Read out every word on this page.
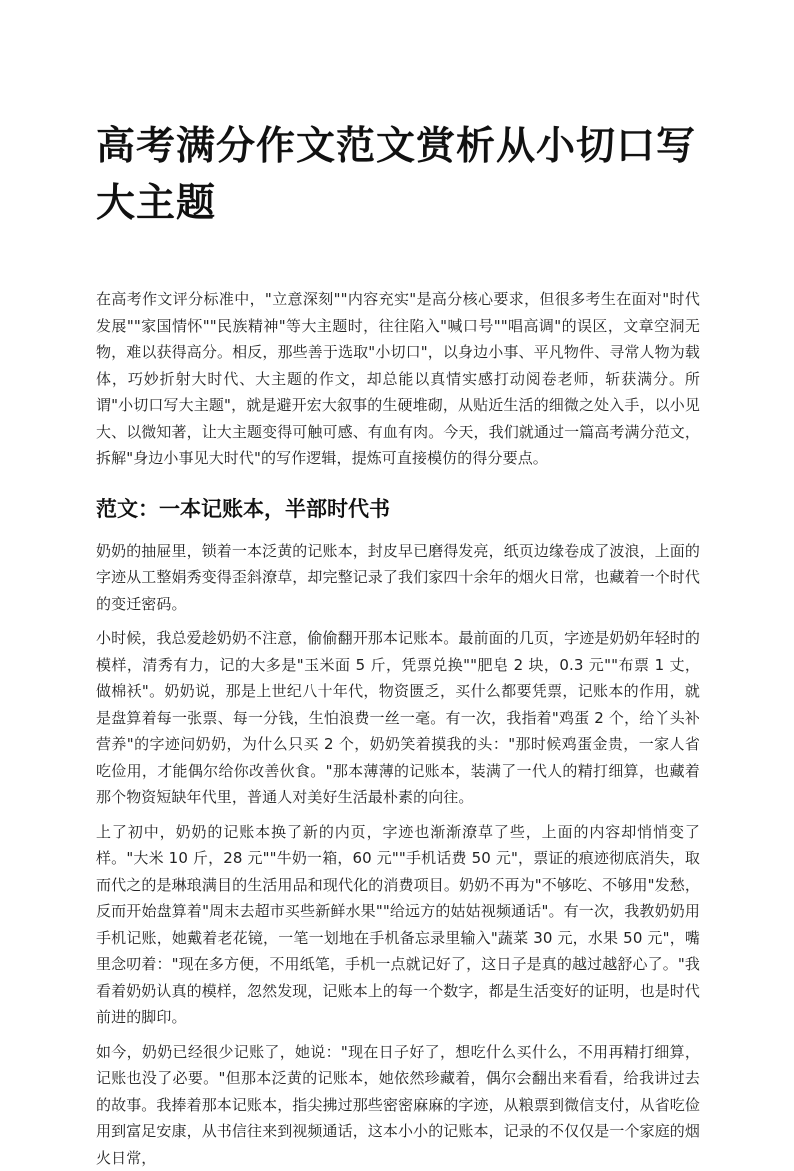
高考满分作文范文赏析从小切口写大主题

在高考作文评分标准中，"立意深刻""内容充实"是高分核心要求，但很多考生在面对"时代发展""家国情怀""民族精神"等大主题时，往往陷入"喊口号""唱高调"的误区，文章空洞无物，难以获得高分。相反，那些善于选取"小切口"，以身边小事、平凡物件、寻常人物为载体，巧妙折射大时代、大主题的作文，却总能以真情实感打动阅卷老师，斩获满分。所谓"小切口写大主题"，就是避开宏大叙事的生硬堆砌，从贴近生活的细微之处入手，以小见大、以微知著，让大主题变得可触可感、有血有肉。今天，我们就通过一篇高考满分范文，拆解"身边小事见大时代"的写作逻辑，提炼可直接模仿的得分要点。

范文：一本记账本，半部时代书

奶奶的抽屉里，锁着一本泛黄的记账本，封皮早已磨得发亮，纸页边缘卷成了波浪，上面的字迹从工整娟秀变得歪斜潦草，却完整记录了我们家四十余年的烟火日常，也藏着一个时代的变迁密码。

小时候，我总爱趁奶奶不注意，偷偷翻开那本记账本。最前面的几页，字迹是奶奶年轻时的模样，清秀有力，记的大多是"玉米面 5 斤，凭票兑换""肥皂 2 块，0.3 元""布票 1 丈，做棉袄"。奶奶说，那是上世纪八十年代，物资匮乏，买什么都要凭票，记账本的作用，就是盘算着每一张票、每一分钱，生怕浪费一丝一毫。有一次，我指着"鸡蛋 2 个，给丫头补营养"的字迹问奶奶，为什么只买 2 个，奶奶笑着摸我的头："那时候鸡蛋金贵，一家人省吃俭用，才能偶尔给你改善伙食。"那本薄薄的记账本，装满了一代人的精打细算，也藏着那个物资短缺年代里，普通人对美好生活最朴素的向往。

上了初中，奶奶的记账本换了新的内页，字迹也渐渐潦草了些，上面的内容却悄悄变了样。"大米 10 斤，28 元""牛奶一箱，60 元""手机话费 50 元"，票证的痕迹彻底消失，取而代之的是琳琅满目的生活用品和现代化的消费项目。奶奶不再为"不够吃、不够用"发愁，反而开始盘算着"周末去超市买些新鲜水果""给远方的姑姑视频通话"。有一次，我教奶奶用手机记账，她戴着老花镜，一笔一划地在手机备忘录里输入"蔬菜 30 元，水果 50 元"，嘴里念叨着："现在多方便，不用纸笔，手机一点就记好了，这日子是真的越过越舒心了。"我看着奶奶认真的模样，忽然发现，记账本上的每一个数字，都是生活变好的证明，也是时代前进的脚印。

如今，奶奶已经很少记账了，她说："现在日子好了，想吃什么买什么，不用再精打细算，记账也没了必要。"但那本泛黄的记账本，她依然珍藏着，偶尔会翻出来看看，给我讲过去的故事。我捧着那本记账本，指尖拂过那些密密麻麻的字迹，从粮票到微信支付，从省吃俭用到富足安康，从书信往来到视频通话，这本小小的记账本，记录的不仅仅是一个家庭的烟火日常，
